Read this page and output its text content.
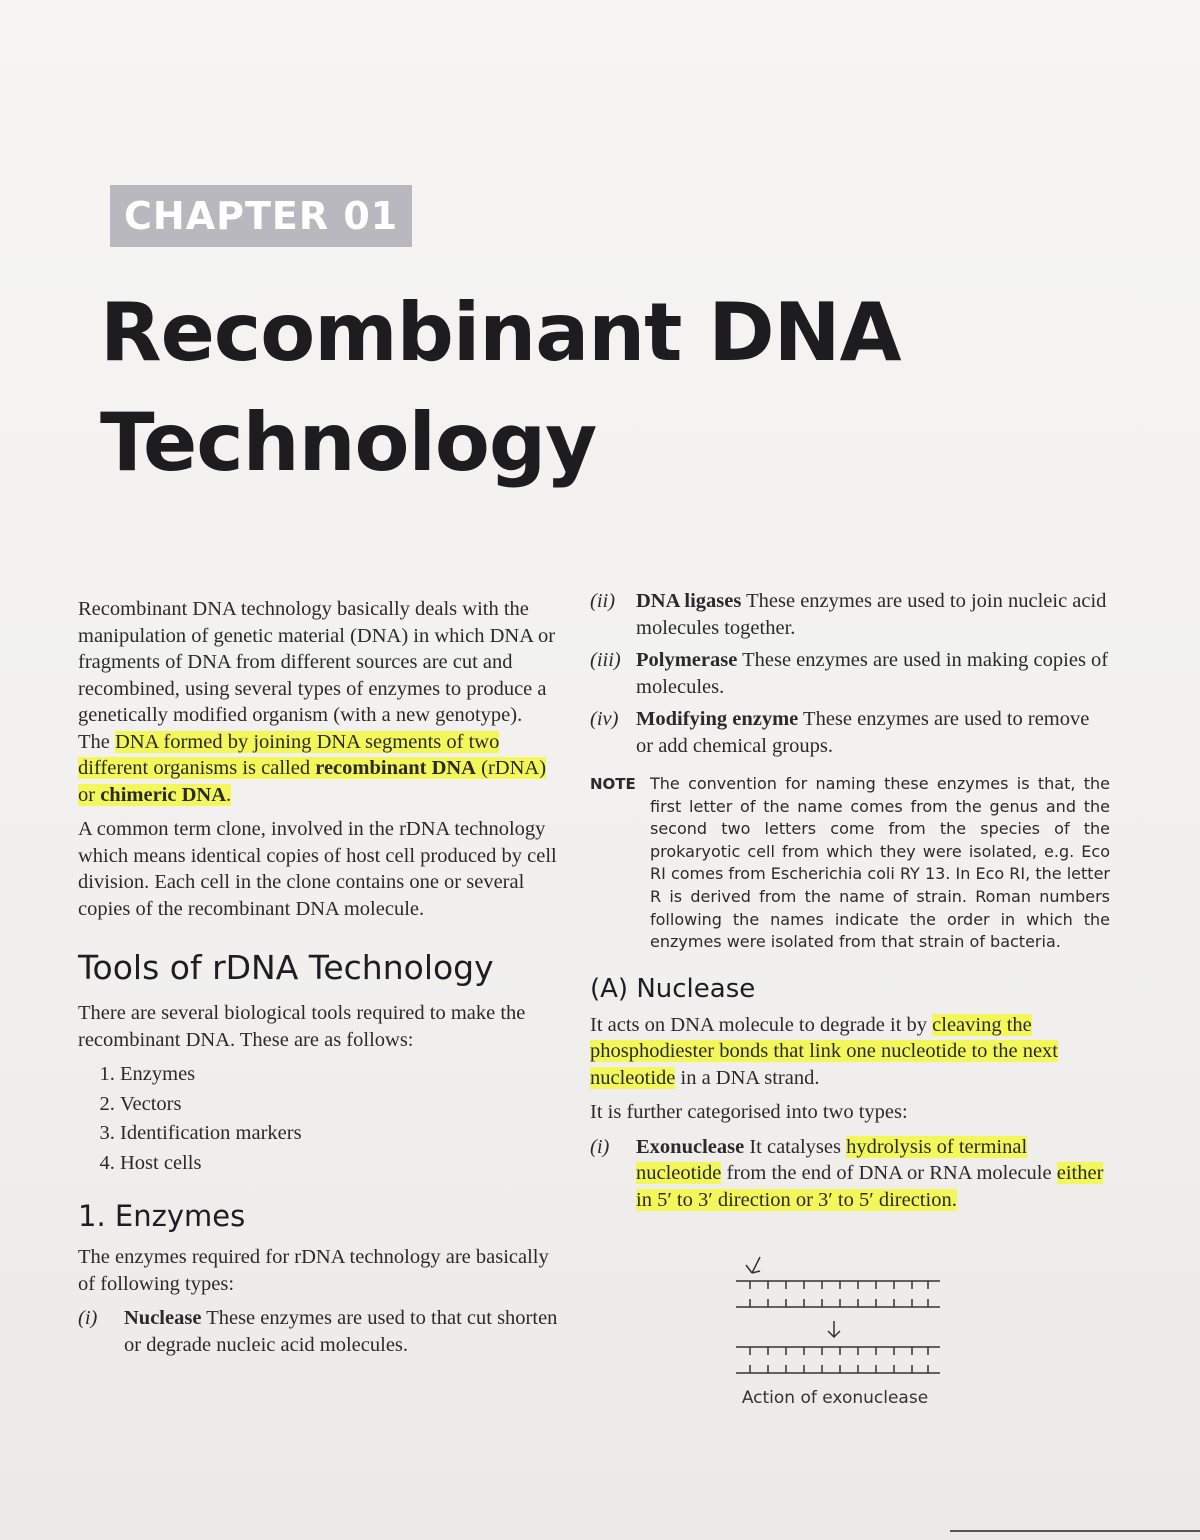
CHAPTER 01
Recombinant DNA
Technology

Recombinant DNA technology basically deals with the manipulation of genetic material (DNA) in which DNA or fragments of DNA from different sources are cut and recombined, using several types of enzymes to produce a genetically modified organism (with a new genotype). The DNA formed by joining DNA segments of two different organisms is called recombinant DNA (rDNA) or chimeric DNA.

A common term clone, involved in the rDNA technology which means identical copies of host cell produced by cell division. Each cell in the clone contains one or several copies of the recombinant DNA molecule.

Tools of rDNA Technology

There are several biological tools required to make the recombinant DNA. These are as follows:

1. Enzymes
2. Vectors
3. Identification markers
4. Host cells
1. Enzymes

The enzymes required for rDNA technology are basically of following types:

(i)	Nuclease These enzymes are used to that cut shorten or degrade nucleic acid molecules.
(ii)	DNA ligases These enzymes are used to join nucleic acid molecules together.
(iii) Polymerase These enzymes are used in making copies of molecules.
(iv) Modifying enzyme These enzymes are used to remove or add chemical groups.
NOTE The convention for naming these enzymes is that, the first letter of the name comes from the genus and the second two letters come from the species of the prokaryotic cell from which they were isolated, e.g. Eco RI comes from Escherichia coli RY 13. In Eco RI, the letter R is derived from the name of strain. Roman numbers following the names indicate the order in which the enzymes were isolated from that strain of bacteria.
(A) Nuclease

It acts on DNA molecule to degrade it by cleaving the phosphodiester bonds that link one nucleotide to the next nucleotide in a DNA strand.

It is further categorised into two types:

(i)	Exonuclease It catalyses hydrolysis of terminal nucleotide from the end of DNA or RNA molecule either in 5′ to 3′ direction or 3′ to 5′ direction.
Action of exonuclease
